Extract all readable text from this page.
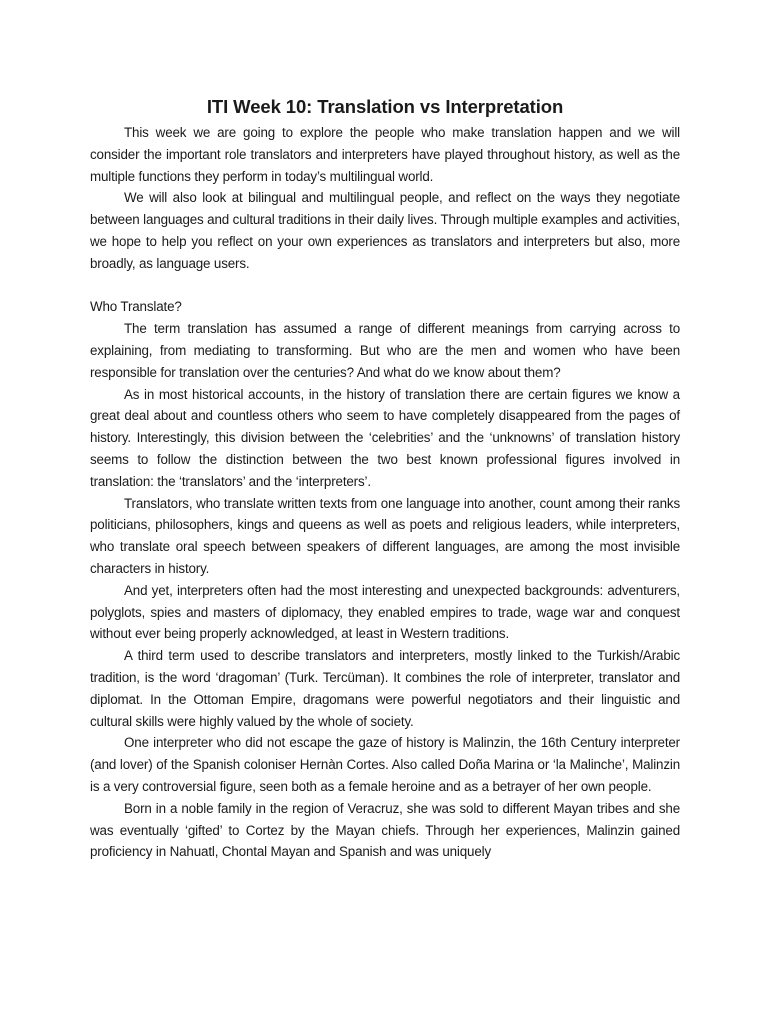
ITI Week 10: Translation vs Interpretation

This week we are going to explore the people who make translation happen and we will consider the important role translators and interpreters have played throughout history, as well as the multiple functions they perform in today’s multilingual world.

We will also look at bilingual and multilingual people, and reflect on the ways they negotiate between languages and cultural traditions in their daily lives. Through multiple examples and activities, we hope to help you reflect on your own experiences as translators and interpreters but also, more broadly, as language users.

Who Translate?

The term translation has assumed a range of different meanings from carrying across to explaining, from mediating to transforming. But who are the men and women who have been responsible for translation over the centuries? And what do we know about them?

As in most historical accounts, in the history of translation there are certain figures we know a great deal about and countless others who seem to have completely disappeared from the pages of history. Interestingly, this division between the ‘celebrities’ and the ‘unknowns’ of translation history seems to follow the distinction between the two best known professional figures involved in translation: the ‘translators’ and the ‘interpreters’.

Translators, who translate written texts from one language into another, count among their ranks politicians, philosophers, kings and queens as well as poets and religious leaders, while interpreters, who translate oral speech between speakers of different languages, are among the most invisible characters in history.

And yet, interpreters often had the most interesting and unexpected backgrounds: adventurers, polyglots, spies and masters of diplomacy, they enabled empires to trade, wage war and conquest without ever being properly acknowledged, at least in Western traditions.

A third term used to describe translators and interpreters, mostly linked to the Turkish/Arabic tradition, is the word ‘dragoman’ (Turk. Tercüman). It combines the role of interpreter, translator and diplomat. In the Ottoman Empire, dragomans were powerful negotiators and their linguistic and cultural skills were highly valued by the whole of society.

One interpreter who did not escape the gaze of history is Malinzin, the 16th Century interpreter (and lover) of the Spanish coloniser Hernàn Cortes. Also called Doña Marina or ‘la Malinche’, Malinzin is a very controversial figure, seen both as a female heroine and as a betrayer of her own people.

Born in a noble family in the region of Veracruz, she was sold to different Mayan tribes and she was eventually ‘gifted’ to Cortez by the Mayan chiefs. Through her experiences, Malinzin gained proficiency in Nahuatl, Chontal Mayan and Spanish and was uniquely
